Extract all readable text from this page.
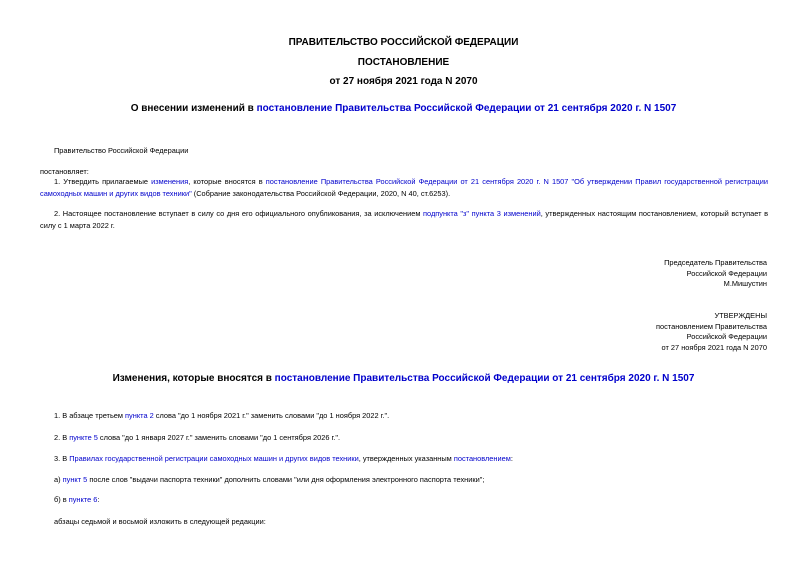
ПРАВИТЕЛЬСТВО РОССИЙСКОЙ ФЕДЕРАЦИИ
ПОСТАНОВЛЕНИЕ
от 27 ноября 2021 года N 2070
О внесении изменений в постановление Правительства Российской Федерации от 21 сентября 2020 г. N 1507
Правительство Российской Федерации
постановляет:
1. Утвердить прилагаемые изменения, которые вносятся в постановление Правительства Российской Федерации от 21 сентября 2020 г. N 1507 "Об утверждении Правил государственной регистрации самоходных машин и других видов техники" (Собрание законодательства Российской Федерации, 2020, N 40, ст.6253).
2. Настоящее постановление вступает в силу со дня его официального опубликования, за исключением подпункта "з" пункта 3 изменений, утвержденных настоящим постановлением, который вступает в силу с 1 марта 2022 г.
Председатель Правительства
Российской Федерации
М.Мишустин
УТВЕРЖДЕНЫ
постановлением Правительства
Российской Федерации
от 27 ноября 2021 года N 2070
Изменения, которые вносятся в постановление Правительства Российской Федерации от 21 сентября 2020 г. N 1507
1. В абзаце третьем пункта 2 слова "до 1 ноября 2021 г." заменить словами "до 1 ноября 2022 г.".
2. В пункте 5 слова "до 1 января 2027 г." заменить словами "до 1 сентября 2026 г.".
3. В Правилах государственной регистрации самоходных машин и других видов техники, утвержденных указанным постановлением:
а) пункт 5 после слов "выдачи паспорта техники" дополнить словами "или дня оформления электронного паспорта техники";
б) в пункте 6:
абзацы седьмой и восьмой изложить в следующей редакции:
